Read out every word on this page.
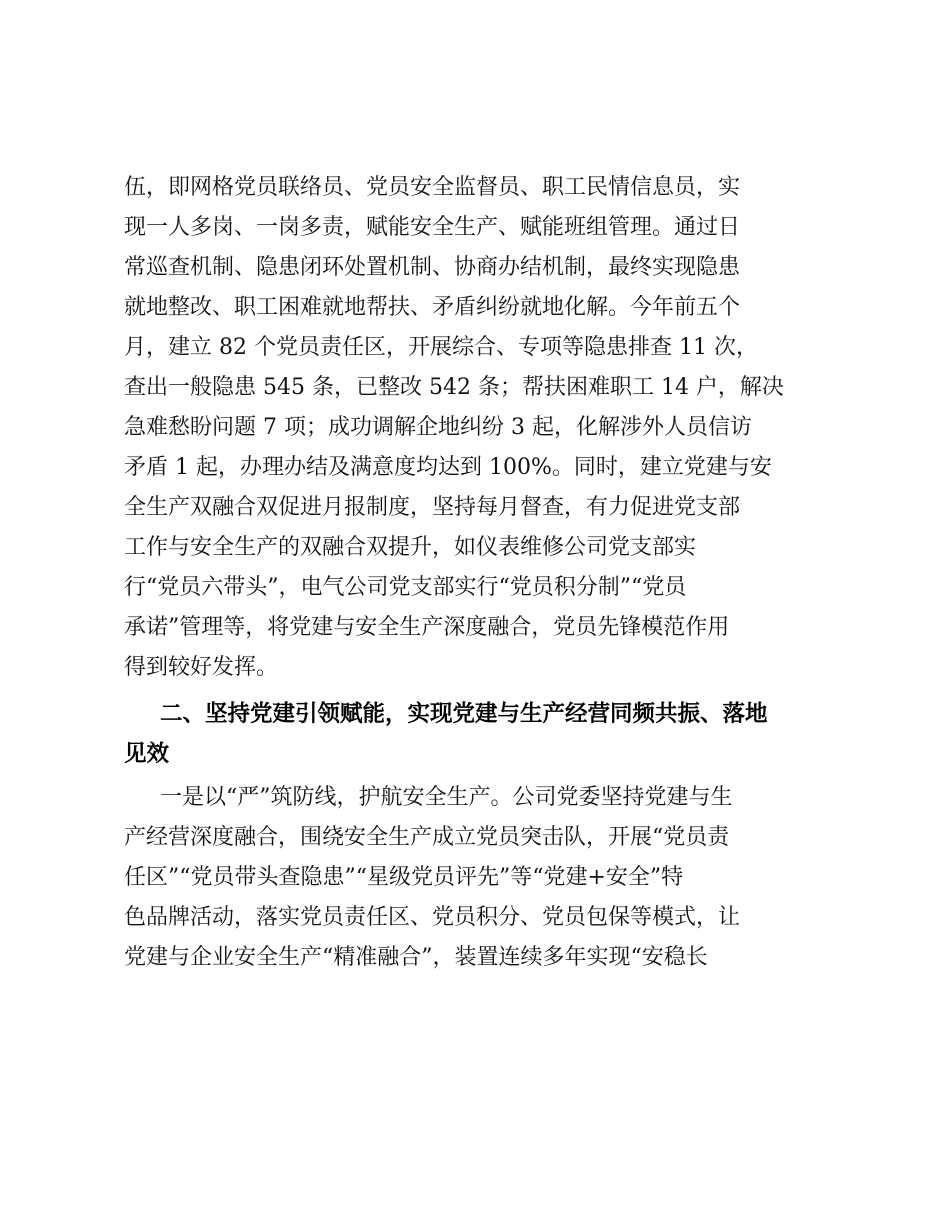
伍，即网格党员联络员、党员安全监督员、职工民情信息员，实
现一人多岗、一岗多责，赋能安全生产、赋能班组管理。通过日
常巡查机制、隐患闭环处置机制、协商办结机制，最终实现隐患
就地整改、职工困难就地帮扶、矛盾纠纷就地化解。今年前五个
月，建立 82 个党员责任区，开展综合、专项等隐患排查 11 次，
查出一般隐患 545 条，已整改 542 条；帮扶困难职工 14 户，解决
急难愁盼问题 7 项；成功调解企地纠纷 3 起，化解涉外人员信访
矛盾 1 起，办理办结及满意度均达到 100%。同时，建立党建与安
全生产双融合双促进月报制度，坚持每月督查，有力促进党支部
工作与安全生产的双融合双提升，如仪表维修公司党支部实
行“党员六带头”，电气公司党支部实行“党员积分制”“党员
承诺”管理等，将党建与安全生产深度融合，党员先锋模范作用
得到较好发挥。
二、坚持党建引领赋能，实现党建与生产经营同频共振、落地
见效
一是以“严”筑防线，护航安全生产。公司党委坚持党建与生
产经营深度融合，围绕安全生产成立党员突击队，开展“党员责
任区”“党员带头查隐患”“星级党员评先”等“党建+安全”特
色品牌活动，落实党员责任区、党员积分、党员包保等模式，让
党建与企业安全生产“精准融合”，装置连续多年实现“安稳长
